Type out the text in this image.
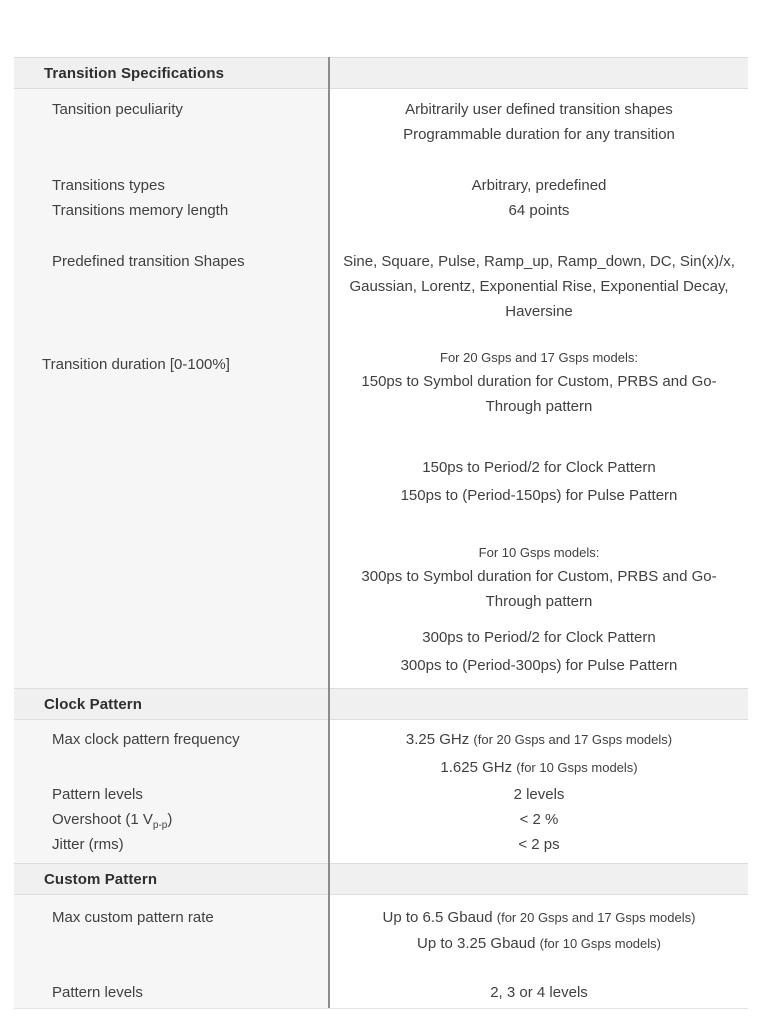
Transition Specifications
Tansition peculiarity	Arbitrarily user defined transition shapes
Programmable duration for any transition
Transitions types	Arbitrary, predefined
Transitions memory length	64 points
Predefined transition Shapes	Sine, Square, Pulse, Ramp_up, Ramp_down, DC, Sin(x)/x,
Gaussian, Lorentz, Exponential Rise, Exponential Decay,
Haversine
Transition duration [0-100%]	For 20 Gsps and 17 Gsps models:
150ps to Symbol duration for Custom, PRBS and Go-
Through pattern
150ps to Period/2 for Clock Pattern
150ps to (Period-150ps) for Pulse Pattern
For 10 Gsps models:
300ps to Symbol duration for Custom, PRBS and Go-
Through pattern
300ps to Period/2 for Clock Pattern
300ps to (Period-300ps) for Pulse Pattern
Clock Pattern
Max clock pattern frequency	3.25 GHz (for 20 Gsps and 17 Gsps models)
1.625 GHz (for 10 Gsps models)
Pattern levels	2 levels
Overshoot (1 $V_{p-p}$)	< 2 %
Jitter (rms)	< 2 ps
Custom Pattern
Max custom pattern rate	Up to 6.5 Gbaud (for 20 Gsps and 17 Gsps models)
Up to 3.25 Gbaud (for 10 Gsps models)
Pattern levels	2, 3 or 4 levels
